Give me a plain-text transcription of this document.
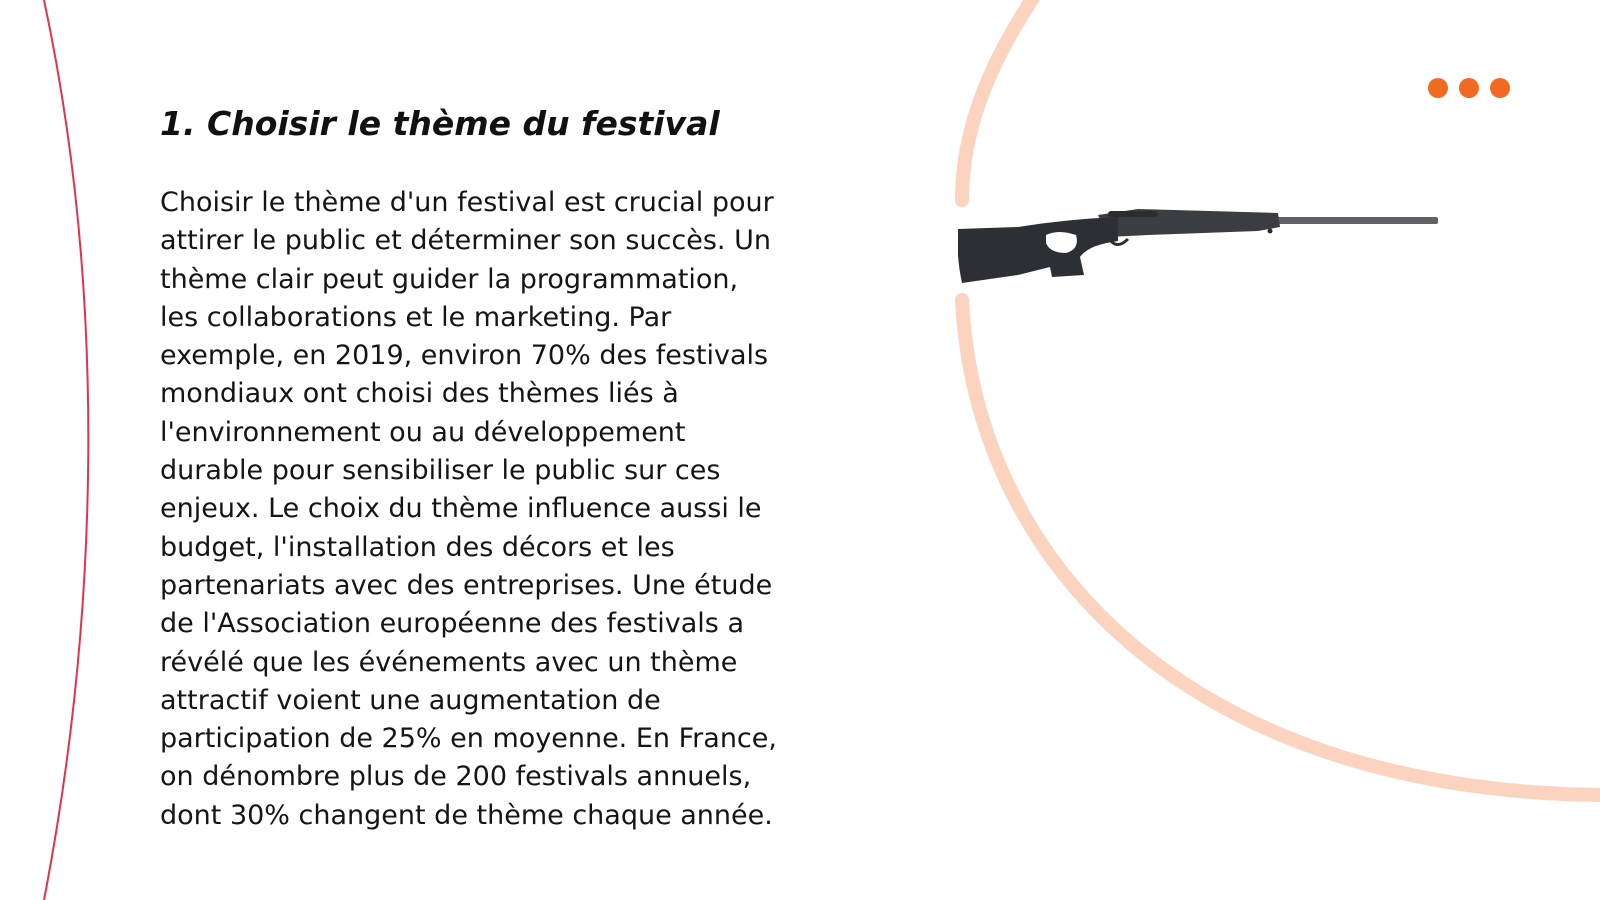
1. Choisir le thème du festival

Choisir le thème d'un festival est crucial pour
attirer le public et déterminer son succès. Un
thème clair peut guider la programmation,
les collaborations et le marketing. Par
exemple, en 2019, environ 70% des festivals
mondiaux ont choisi des thèmes liés à
l'environnement ou au développement
durable pour sensibiliser le public sur ces
enjeux. Le choix du thème influence aussi le
budget, l'installation des décors et les
partenariats avec des entreprises. Une étude
de l'Association européenne des festivals a
révélé que les événements avec un thème
attractif voient une augmentation de
participation de 25% en moyenne. En France,
on dénombre plus de 200 festivals annuels,
dont 30% changent de thème chaque année.
